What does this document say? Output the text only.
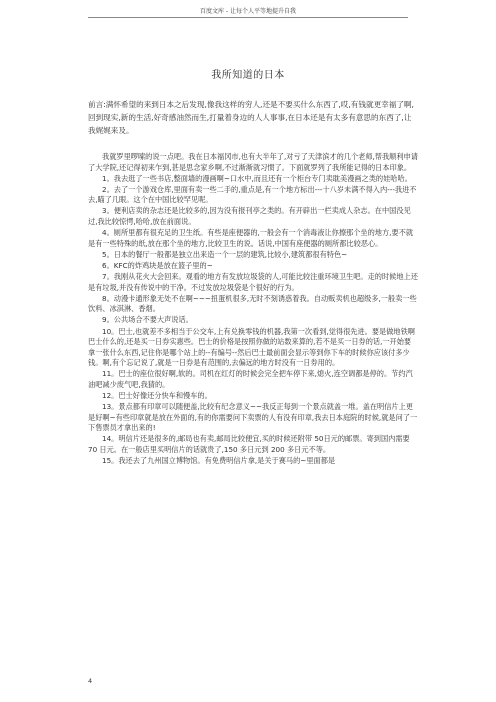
百度文库 - 让每个人平等地提升自我
我所知道的日本
前言:满怀希望的来到日本之后发现,像我这样的穷人,还是不要买什么东西了,哎,有钱就更幸福了啊,回到现实,新的生活,好奇感油然而生,打量着身边的人人事事,在日本还是有太多有意思的东西了,让我娓娓来及。

我就罗里啰嗦的说一点吧。我在日本福冈市,也有大半年了,对亏了天津滨才的几个老师,帮我顺利申请了大学院,还记得初来乍到,甚是思念家乡啊,不过渐渐就习惯了。下面就罗列了我所能记得的日本印象。

1。我去逛了一些书店,整面墙的漫画啊~口水中,而且还有一个柜台专门卖耽美漫画之类的娃哈哈。

2。去了一个游戏仓库,里面有卖一些二手的,重点是,有一个地方标出---十八岁未满不得入内---我进不去,瞄了几眼。这个在中国比较罕见呢。

3。便利店卖的杂志还是比较多的,因为没有报刊亭之类的。有开辟出一栏卖成人杂志。在中国没见过,我比较惊愕,哈哈,放在前面说。

4。厕所里都有很充足的卫生纸。有些是座便器的,一般会有一个消毒液让你擦那个坐的地方,要不就是有一些特殊的纸,放在那个坐的地方,比较卫生的说。话说,中国有座便器的厕所都比较恶心。

5。日本的餐厅一般都是独立出来造一个一层的建筑,比较小,建筑都很有特色~

6。KFC的炸鸡块是放在篮子里的~

7。我刚从花火大会回来。观看的地方有发放垃圾袋的人,可能比较注重环境卫生吧。走的时候地上还是有垃圾,并没有传说中的干净。不过发放垃圾袋是个很好的行为。

8。动漫卡通形象无处不在啊~~~扭蛋机很多,无时不刻诱惑着我。自动贩卖机也超级多,一般卖一些饮料、冰淇淋、香烟。

9。公共场合不要大声说话。

10。巴士,也就差不多相当于公交车,上有兑换零钱的机器,我第一次看到,觉得很先进。要是做地铁啊巴士什么的,还是买一日券实惠些。巴士的价格是按照你做的站数来算的,若不是买一日券的话,一开始要拿一张什么东西,记住你是哪个站上的--有编号--然后巴士最前面会显示等到你下车的时候你应该付多少钱。啊,有个忘记说了,就是一日券是有范围的,去偏远的地方时没有一日券用的。

11。巴士的座位很好啊,软的。司机在红灯的时候会完全把车停下来,熄火,连空调都是停的。节约汽油吧减少废气吧,我猜的。

12。巴士好像还分快车和慢车的。

13。景点都有印章可以随便盖,比较有纪念意义~~我反正每到一个景点就盖一堆。盖在明信片上更是好啊~有些印章就是放在外面的,有的你需要问下卖票的人有没有印章,我去日本庭院的时候,就是问了一下售票员才拿出来的!

14。明信片还是很多的,邮局也有卖,邮局比较便宜,买的时候还附带 50日元的邮票。寄到国内需要 70 日元。在一般店里买明信片的话就贵了,150 多日元到 200 多日元不等。

15。我还去了九州国立博物馆。有免费明信片拿,是关于赛马的~里面都是

4
